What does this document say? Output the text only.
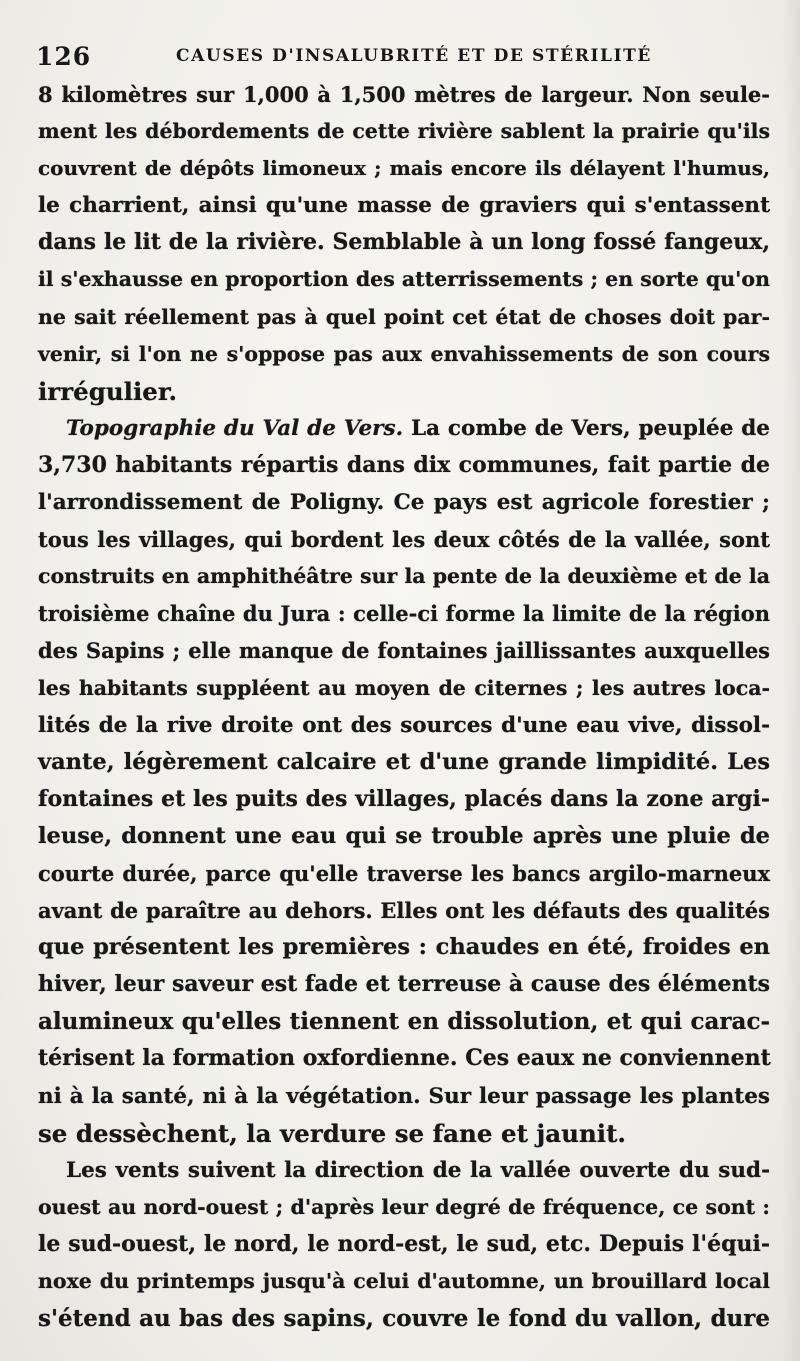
126	CAUSES D'INSALUBRITÉ ET DE STÉRILITÉ
8 kilomètres sur 1,000 à 1,500 mètres de largeur. Non seule-
ment les débordements de cette rivière sablent la prairie qu'ils
couvrent de dépôts limoneux ; mais encore ils délayent l'humus,
le charrient, ainsi qu'une masse de graviers qui s'entassent
dans le lit de la rivière. Semblable à un long fossé fangeux,
il s'exhausse en proportion des atterrissements ; en sorte qu'on
ne sait réellement pas à quel point cet état de choses doit par-
venir, si l'on ne s'oppose pas aux envahissements de son cours
irrégulier.
Topographie du Val de Vers. La combe de Vers, peuplée de
3,730 habitants répartis dans dix communes, fait partie de
l'arrondissement de Poligny. Ce pays est agricole forestier ;
tous les villages, qui bordent les deux côtés de la vallée, sont
construits en amphithéâtre sur la pente de la deuxième et de la
troisième chaîne du Jura : celle-ci forme la limite de la région
des Sapins ; elle manque de fontaines jaillissantes auxquelles
les habitants suppléent au moyen de citernes ; les autres loca-
lités de la rive droite ont des sources d'une eau vive, dissol-
vante, légèrement calcaire et d'une grande limpidité. Les
fontaines et les puits des villages, placés dans la zone argi-
leuse, donnent une eau qui se trouble après une pluie de
courte durée, parce qu'elle traverse les bancs argilo-marneux
avant de paraître au dehors. Elles ont les défauts des qualités
que présentent les premières : chaudes en été, froides en
hiver, leur saveur est fade et terreuse à cause des éléments
alumineux qu'elles tiennent en dissolution, et qui carac-
térisent la formation oxfordienne. Ces eaux ne conviennent
ni à la santé, ni à la végétation. Sur leur passage les plantes
se dessèchent, la verdure se fane et jaunit.
Les vents suivent la direction de la vallée ouverte du sud-
ouest au nord-ouest ; d'après leur degré de fréquence, ce sont :
le sud-ouest, le nord, le nord-est, le sud, etc. Depuis l'équi-
noxe du printemps jusqu'à celui d'automne, un brouillard local
s'étend au bas des sapins, couvre le fond du vallon, dure
